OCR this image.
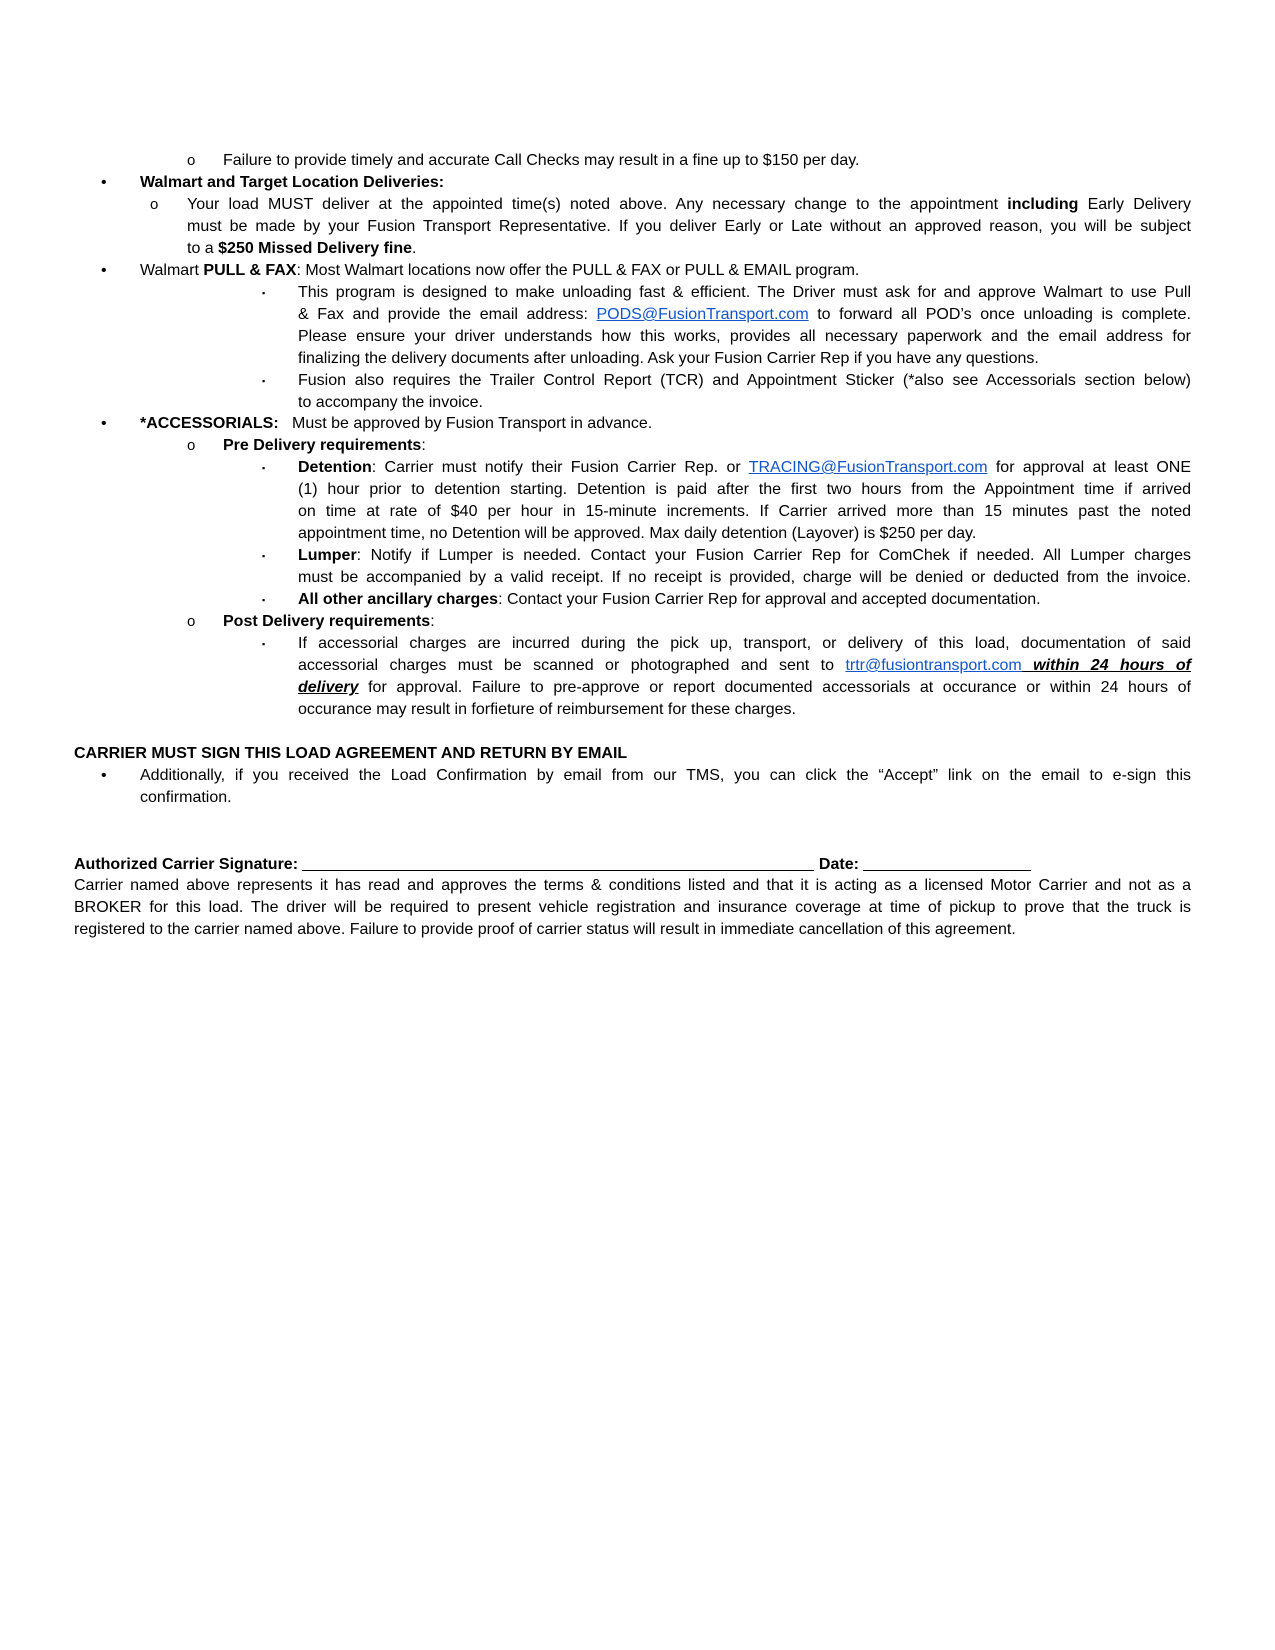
o Failure to provide timely and accurate Call Checks may result in a fine up to $150 per day.
• Walmart and Target Location Deliveries:
o Your load MUST deliver at the appointed time(s) noted above. Any necessary change to the appointment including Early Delivery
must be made by your Fusion Transport Representative. If you deliver Early or Late without an approved reason, you will be subject
to a $250 Missed Delivery fine.
• Walmart PULL & FAX: Most Walmart locations now offer the PULL & FAX or PULL & EMAIL program.
▪ This program is designed to make unloading fast & efficient. The Driver must ask for and approve Walmart to use Pull
& Fax and provide the email address: PODS@FusionTransport.com to forward all POD’s once unloading is complete.
Please ensure your driver understands how this works, provides all necessary paperwork and the email address for
finalizing the delivery documents after unloading. Ask your Fusion Carrier Rep if you have any questions.
▪ Fusion also requires the Trailer Control Report (TCR) and Appointment Sticker (*also see Accessorials section below)
to accompany the invoice.
• *ACCESSORIALS:   Must be approved by Fusion Transport in advance.
o Pre Delivery requirements:
▪ Detention: Carrier must notify their Fusion Carrier Rep. or TRACING@FusionTransport.com for approval at least ONE
(1) hour prior to detention starting. Detention is paid after the first two hours from the Appointment time if arrived
on time at rate of $40 per hour in 15-minute increments. If Carrier arrived more than 15 minutes past the noted
appointment time, no Detention will be approved. Max daily detention (Layover) is $250 per day.
▪ Lumper: Notify if Lumper is needed. Contact your Fusion Carrier Rep for ComChek if needed. All Lumper charges
must be accompanied by a valid receipt. If no receipt is provided, charge will be denied or deducted from the invoice.
▪ All other ancillary charges: Contact your Fusion Carrier Rep for approval and accepted documentation.
o Post Delivery requirements:
▪ If accessorial charges are incurred during the pick up, transport, or delivery of this load, documentation of said
accessorial charges must be scanned or photographed and sent to trtr@fusiontransport.com within 24 hours of
delivery for approval. Failure to pre-approve or report documented accessorials at occurance or within 24 hours of
occurance may result in forfieture of reimbursement for these charges.
CARRIER MUST SIGN THIS LOAD AGREEMENT AND RETURN BY EMAIL
• Additionally, if you received the Load Confirmation by email from our TMS, you can click the “Accept” link on the email to e-sign this
confirmation.
Authorized Carrier Signature:	Date:
Carrier named above represents it has read and approves the terms & conditions listed and that it is acting as a licensed Motor Carrier and not as a
BROKER for this load. The driver will be required to present vehicle registration and insurance coverage at time of pickup to prove that the truck is
registered to the carrier named above. Failure to provide proof of carrier status will result in immediate cancellation of this agreement.
